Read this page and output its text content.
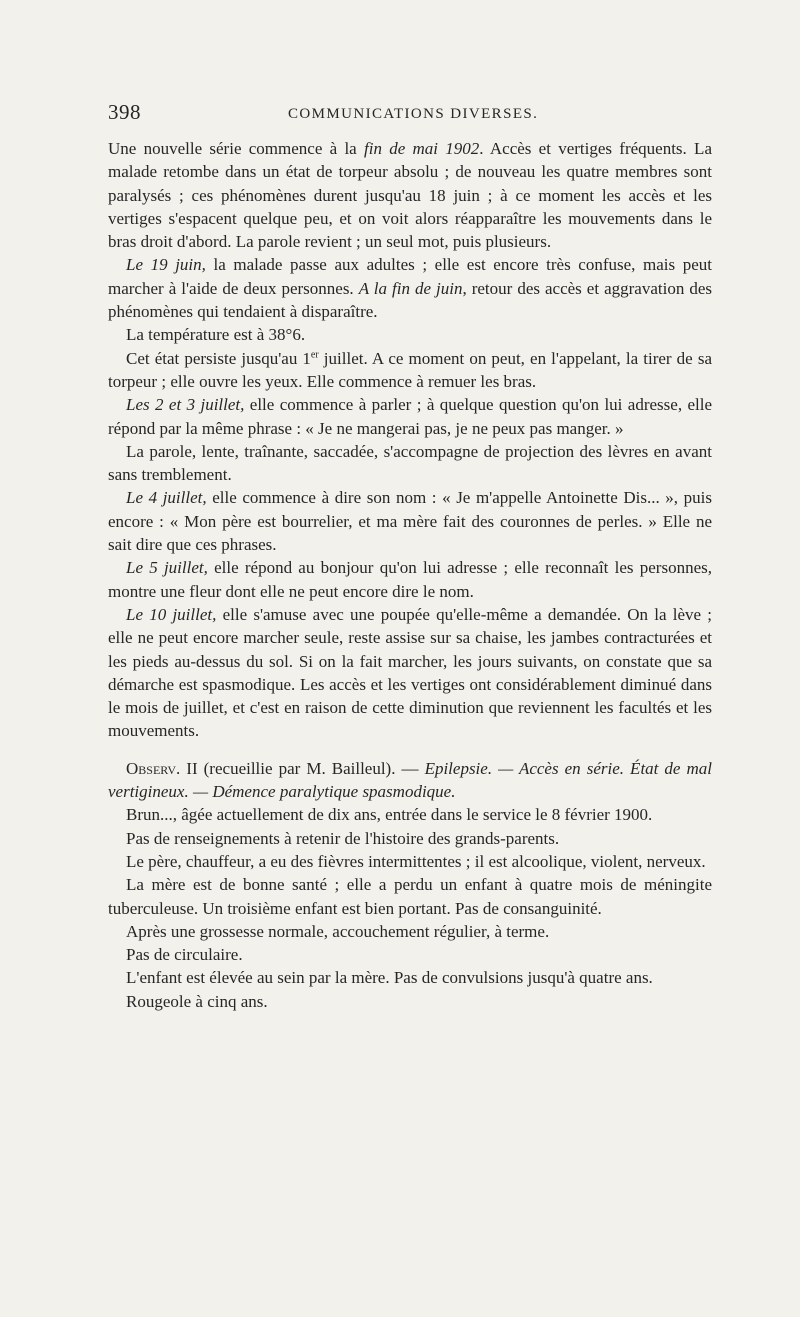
398	COMMUNICATIONS DIVERSES.

Une nouvelle série commence à la fin de mai 1902. Accès et vertiges fréquents. La malade retombe dans un état de torpeur absolu ; de nouveau les quatre membres sont paralysés ; ces phénomènes durent jusqu'au 18 juin ; à ce moment les accès et les vertiges s'espacent quelque peu, et on voit alors réapparaître les mouvements dans le bras droit d'abord. La parole revient ; un seul mot, puis plusieurs.

Le 19 juin, la malade passe aux adultes ; elle est encore très confuse, mais peut marcher à l'aide de deux personnes. A la fin de juin, retour des accès et aggravation des phénomènes qui tendaient à disparaître.

La température est à 38°6.

Cet état persiste jusqu'au 1er juillet. A ce moment on peut, en l'appelant, la tirer de sa torpeur ; elle ouvre les yeux. Elle commence à remuer les bras.

Les 2 et 3 juillet, elle commence à parler ; à quelque question qu'on lui adresse, elle répond par la même phrase : « Je ne mangerai pas, je ne peux pas manger. »

La parole, lente, traînante, saccadée, s'accompagne de projection des lèvres en avant sans tremblement.

Le 4 juillet, elle commence à dire son nom : « Je m'appelle Antoinette Dis... », puis encore : « Mon père est bourrelier, et ma mère fait des couronnes de perles. » Elle ne sait dire que ces phrases.

Le 5 juillet, elle répond au bonjour qu'on lui adresse ; elle reconnaît les personnes, montre une fleur dont elle ne peut encore dire le nom.

Le 10 juillet, elle s'amuse avec une poupée qu'elle-même a demandée. On la lève ; elle ne peut encore marcher seule, reste assise sur sa chaise, les jambes contracturées et les pieds au-dessus du sol. Si on la fait marcher, les jours suivants, on constate que sa démarche est spasmodique. Les accès et les vertiges ont considérablement diminué dans le mois de juillet, et c'est en raison de cette diminution que reviennent les facultés et les mouvements.

Observ. II (recueillie par M. Bailleul). — Epilepsie. — Accès en série. État de mal vertigineux. — Démence paralytique spasmodique.

Brun..., âgée actuellement de dix ans, entrée dans le service le 8 février 1900.

Pas de renseignements à retenir de l'histoire des grands-parents.

Le père, chauffeur, a eu des fièvres intermittentes ; il est alcoolique, violent, nerveux.

La mère est de bonne santé ; elle a perdu un enfant à quatre mois de méningite tuberculeuse. Un troisième enfant est bien portant. Pas de consanguinité.

Après une grossesse normale, accouchement régulier, à terme.

Pas de circulaire.

L'enfant est élevée au sein par la mère. Pas de convulsions jusqu'à quatre ans.

Rougeole à cinq ans.
